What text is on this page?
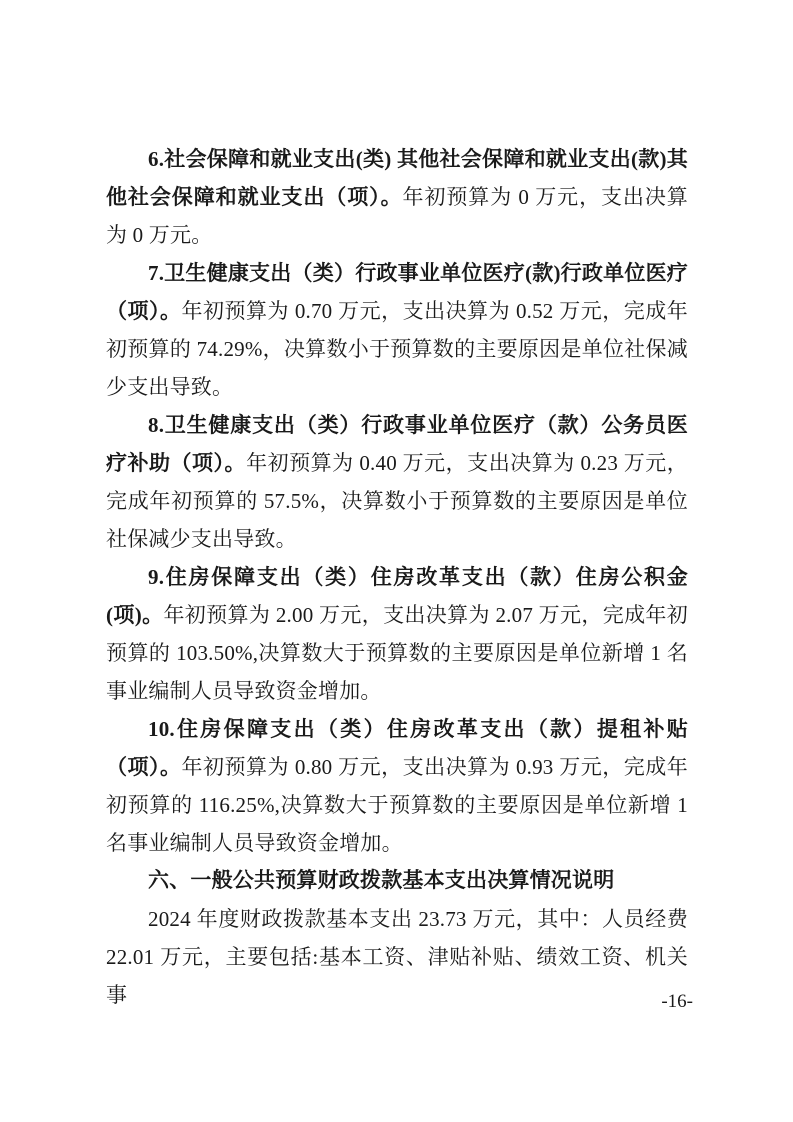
6.社会保障和就业支出(类) 其他社会保障和就业支出(款)其他社会保障和就业支出（项）。年初预算为 0 万元，支出决算为 0 万元。

7.卫生健康支出（类）行政事业单位医疗(款)行政单位医疗（项）。年初预算为 0.70 万元，支出决算为 0.52 万元，完成年初预算的 74.29%，决算数小于预算数的主要原因是单位社保减少支出导致。

8.卫生健康支出（类）行政事业单位医疗（款）公务员医疗补助（项）。年初预算为 0.40 万元，支出决算为 0.23 万元，完成年初预算的 57.5%，决算数小于预算数的主要原因是单位社保减少支出导致。

9.住房保障支出（类）住房改革支出（款）住房公积金(项)。年初预算为 2.00 万元，支出决算为 2.07 万元，完成年初预算的 103.50%,决算数大于预算数的主要原因是单位新增 1 名事业编制人员导致资金增加。

10.住房保障支出（类）住房改革支出（款）提租补贴（项）。年初预算为 0.80 万元，支出决算为 0.93 万元，完成年初预算的 116.25%,决算数大于预算数的主要原因是单位新增 1 名事业编制人员导致资金增加。

六、一般公共预算财政拨款基本支出决算情况说明

2024 年度财政拨款基本支出 23.73 万元，其中：人员经费 22.01 万元，主要包括:基本工资、津贴补贴、绩效工资、机关事	-16-
